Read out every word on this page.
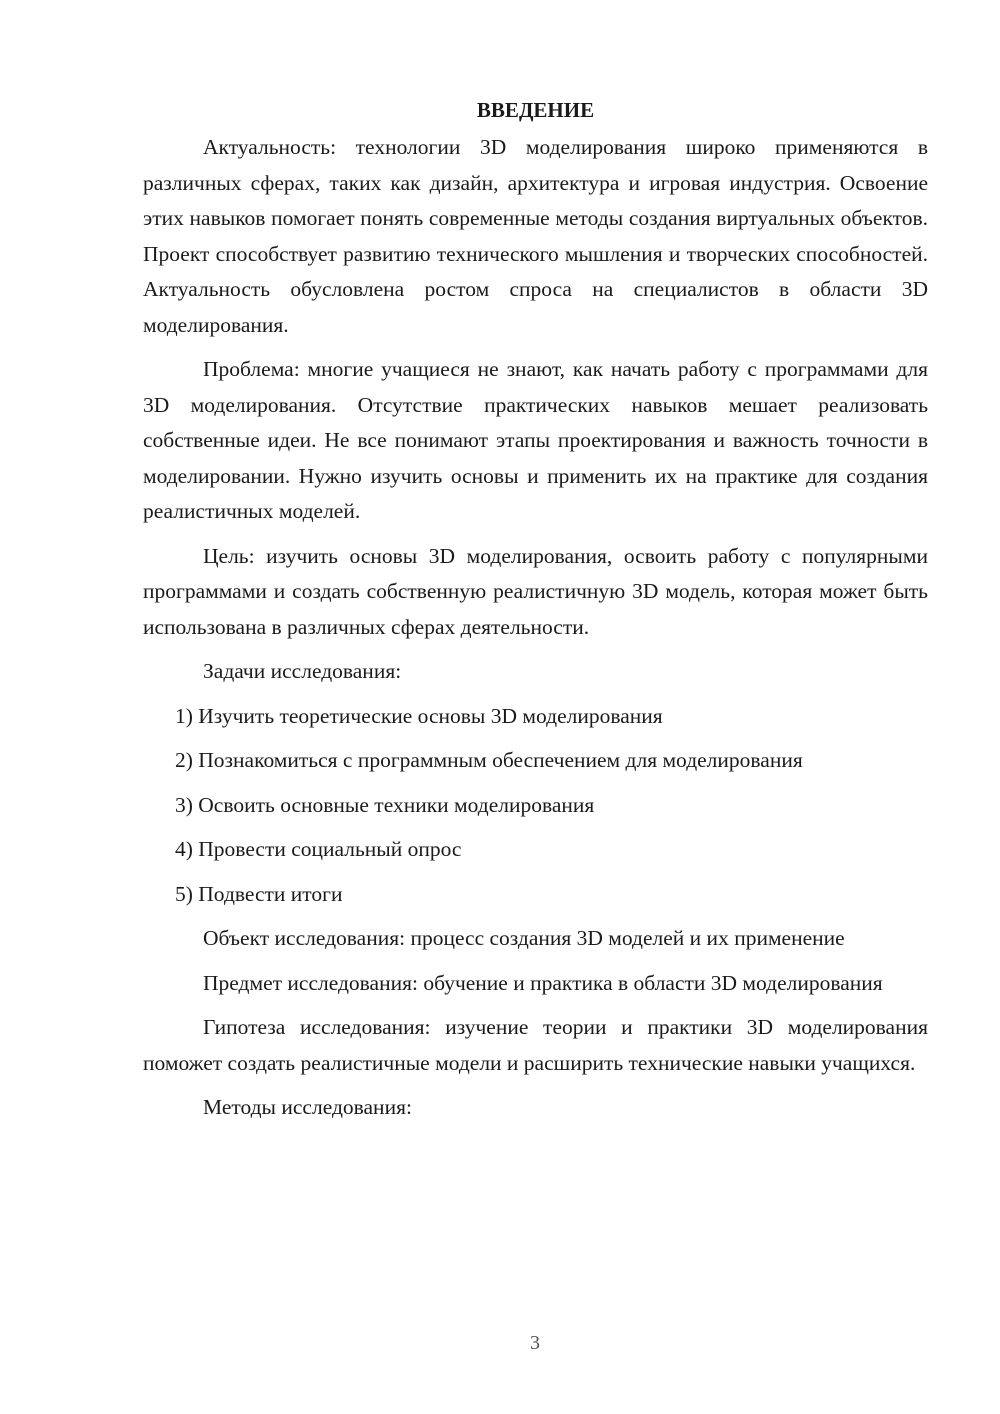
ВВЕДЕНИЕ

Актуальность: технологии 3D моделирования широко применяются в различных сферах, таких как дизайн, архитектура и игровая индустрия. Освоение этих навыков помогает понять современные методы создания виртуальных объектов. Проект способствует развитию технического мышления и творческих способностей. Актуальность обусловлена ростом спроса на специалистов в области 3D моделирования.

Проблема: многие учащиеся не знают, как начать работу с программами для 3D моделирования. Отсутствие практических навыков мешает реализовать собственные идеи. Не все понимают этапы проектирования и важность точности в моделировании. Нужно изучить основы и применить их на практике для создания реалистичных моделей.

Цель: изучить основы 3D моделирования, освоить работу с популярными программами и создать собственную реалистичную 3D модель, которая может быть использована в различных сферах деятельности.

Задачи исследования:

1) Изучить теоретические основы 3D моделирования
2) Познакомиться с программным обеспечением для моделирования
3) Освоить основные техники моделирования
4) Провести социальный опрос
5) Подвести итоги

Объект исследования: процесс создания 3D моделей и их применение

Предмет исследования: обучение и практика в области 3D моделирования

Гипотеза исследования: изучение теории и практики 3D моделирования поможет создать реалистичные модели и расширить технические навыки учащихся.

Методы исследования:

3
